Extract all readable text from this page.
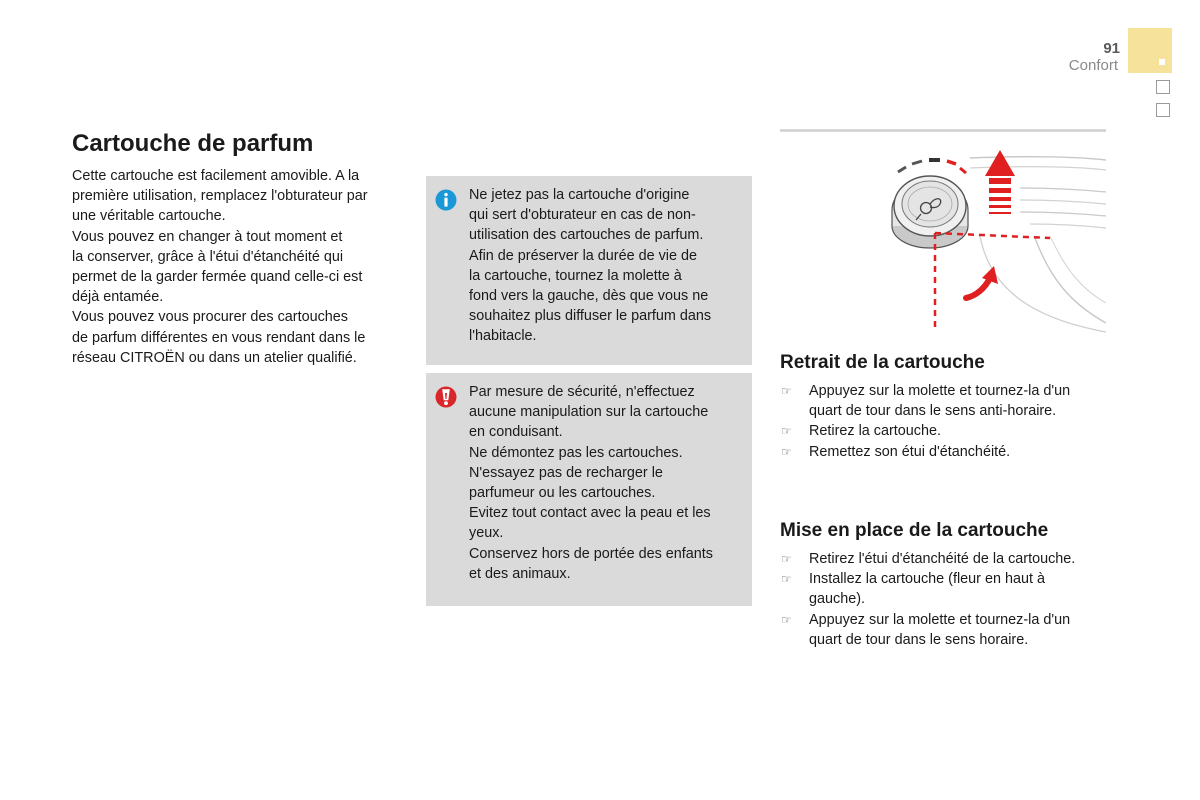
91
Confort
Cartouche de parfum
Cette cartouche est facilement amovible. A la
première utilisation, remplacez l'obturateur par
une véritable cartouche.
Vous pouvez en changer à tout moment et
la conserver, grâce à l'étui d'étanchéité qui
permet de la garder fermée quand celle-ci est
déjà entamée.
Vous pouvez vous procurer des cartouches
de parfum différentes en vous rendant dans le
réseau CITROËN ou dans un atelier qualifié.
Ne jetez pas la cartouche d'origine
qui sert d'obturateur en cas de non-
utilisation des cartouches de parfum.
Afin de préserver la durée de vie de
la cartouche, tournez la molette à
fond vers la gauche, dès que vous ne
souhaitez plus diffuser le parfum dans
l'habitacle.
Par mesure de sécurité, n'effectuez
aucune manipulation sur la cartouche
en conduisant.
Ne démontez pas les cartouches.
N'essayez pas de recharger le
parfumeur ou les cartouches.
Evitez tout contact avec la peau et les
yeux.
Conservez hors de portée des enfants
et des animaux.
Retrait de la cartouche
☞ Appuyez sur la molette et tournez-la d'un
quart de tour dans le sens anti-horaire.
☞ Retirez la cartouche.
☞ Remettez son étui d'étanchéité.
Mise en place de la cartouche
☞ Retirez l'étui d'étanchéité de la cartouche.
☞ Installez la cartouche (fleur en haut à
gauche).
☞ Appuyez sur la molette et tournez-la d'un
quart de tour dans le sens horaire.
